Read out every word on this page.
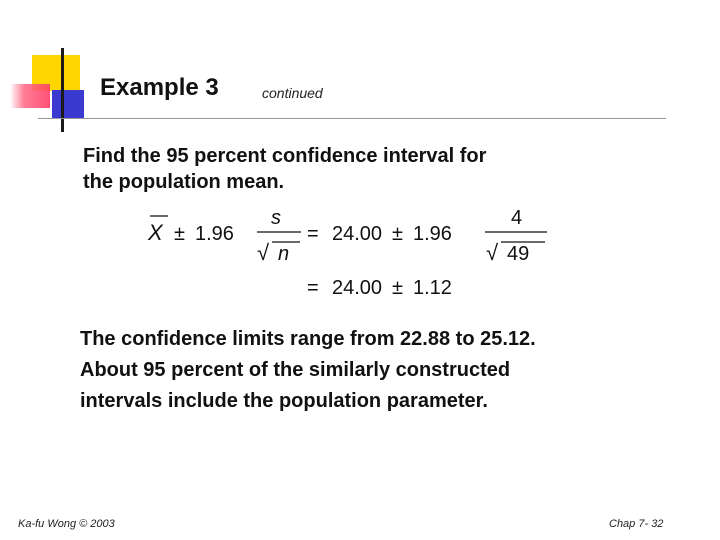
Example 3	continued
Find the 95 percent confidence interval for
the population mean.
X ± 1.96
s
√ n
= 24.00 ± 1.96
4
√ 49
= 24.00 ± 1.12
The confidence limits range from 22.88 to 25.12.
About 95 percent of the similarly constructed
intervals include the population parameter.
Ka-fu Wong © 2003	Chap 7- 32
